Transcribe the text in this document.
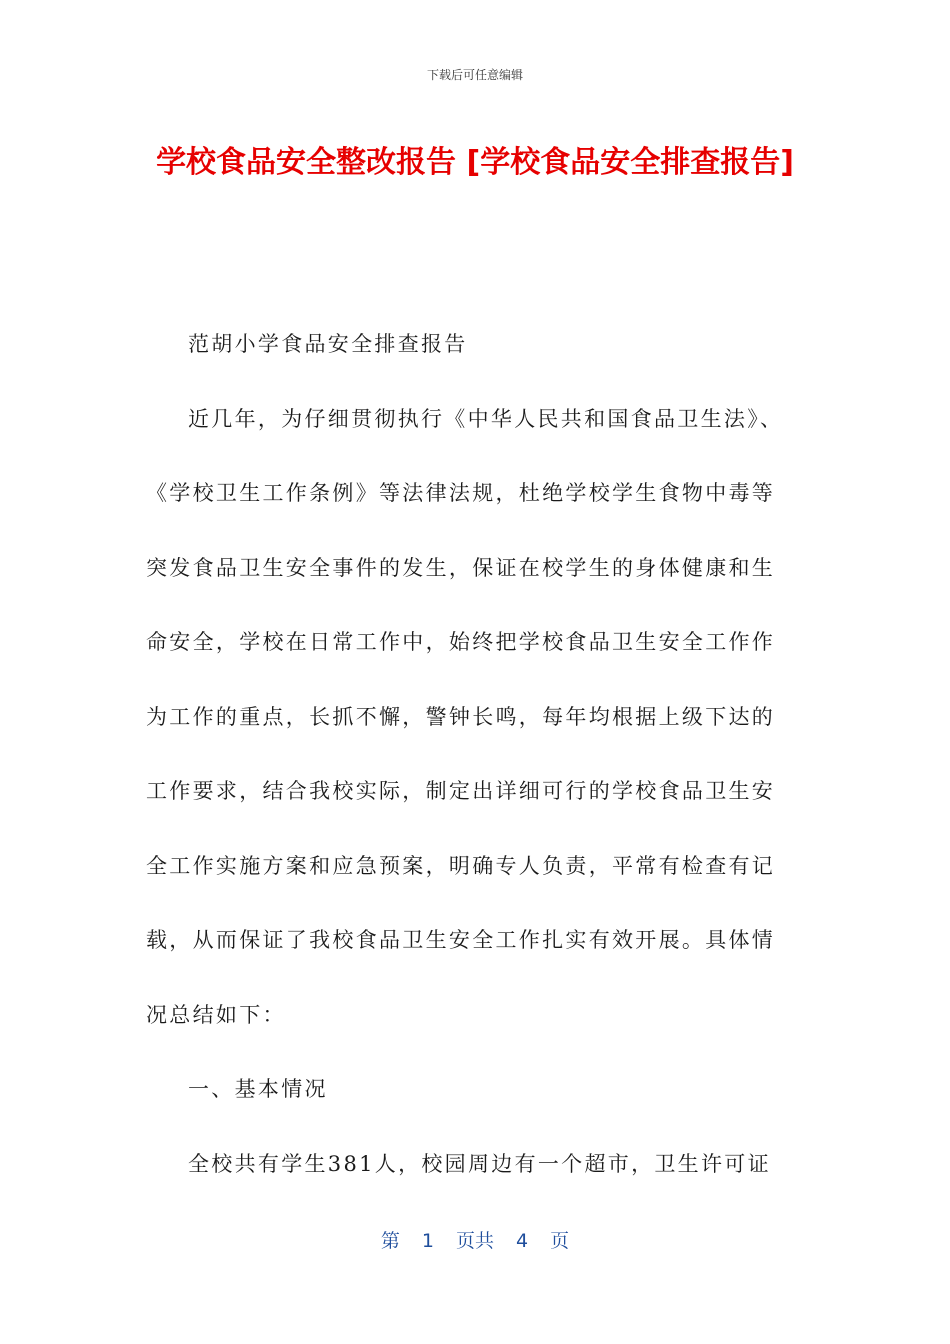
下载后可任意编辑
学校食品安全整改报告 [学校食品安全排查报告]

范胡小学食品安全排查报告

近几年，为仔细贯彻执行《中华人民共和国食品卫生法》、《学校卫生工作条例》等法律法规，杜绝学校学生食物中毒等突发食品卫生安全事件的发生，保证在校学生的身体健康和生命安全，学校在日常工作中，始终把学校食品卫生安全工作作为工作的重点，长抓不懈，警钟长鸣，每年均根据上级下达的工作要求，结合我校实际，制定出详细可行的学校食品卫生安全工作实施方案和应急预案，明确专人负责，平常有检查有记载，从而保证了我校食品卫生安全工作扎实有效开展。具体情况总结如下：

一、基本情况

全校共有学生381人，校园周边有一个超市，卫生许可证

第 1 页共 4 页
